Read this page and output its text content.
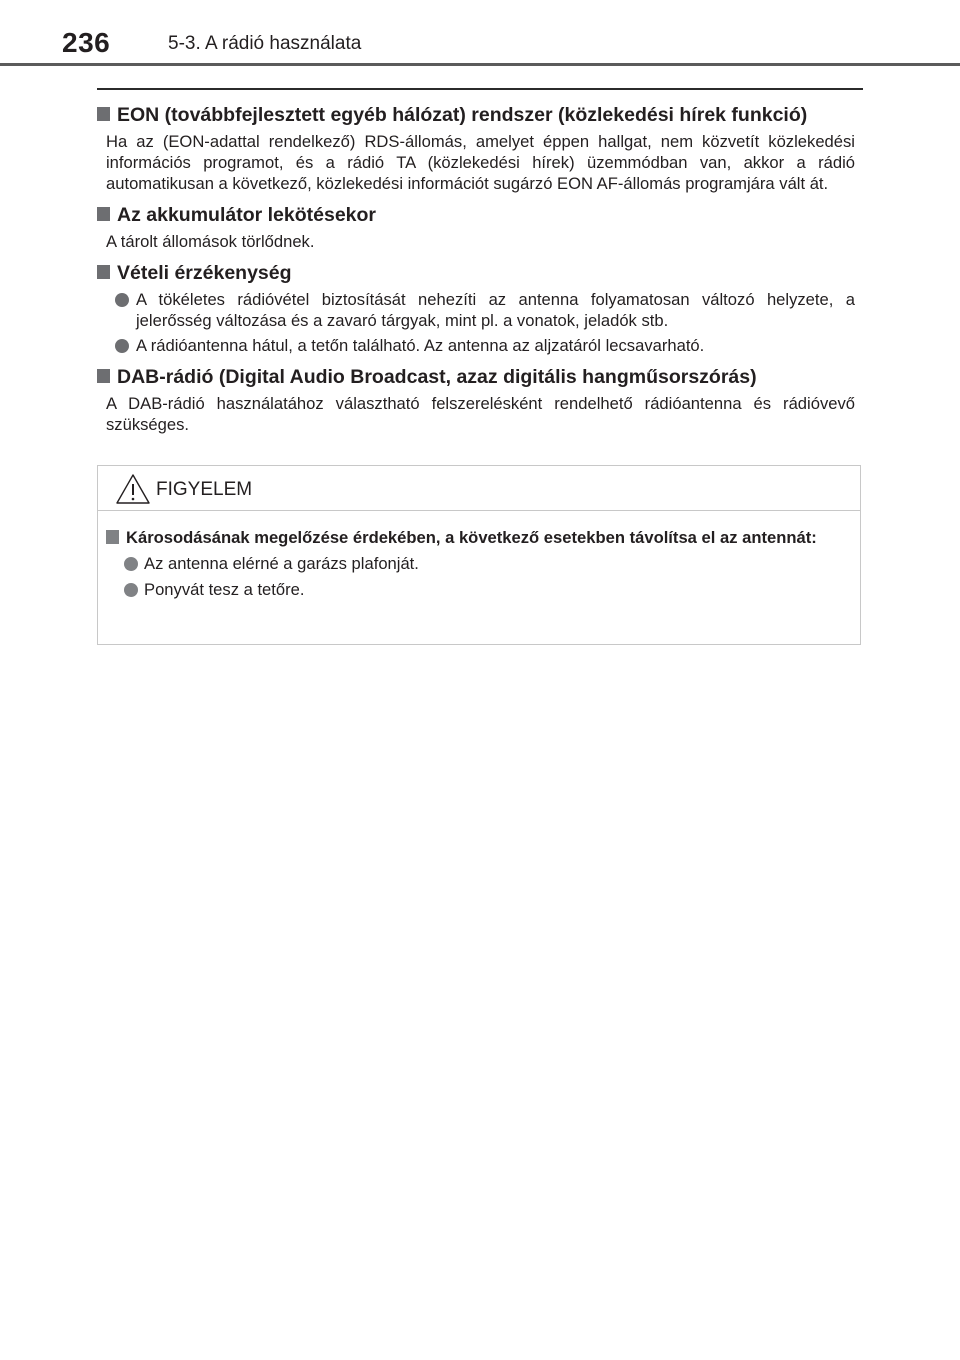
236	5-3. A rádió használata
EON (továbbfejlesztett egyéb hálózat) rendszer (közlekedési hírek funkció)
Ha az (EON-adattal rendelkező) RDS-állomás, amelyet éppen hallgat, nem közvetít közlekedési információs programot, és a rádió TA (közlekedési hírek) üzemmódban van, akkor a rádió automatikusan a következő, közlekedési információt sugárzó EON AF-állomás programjára vált át.
Az akkumulátor lekötésekor
A tárolt állomások törlődnek.
Vételi érzékenység
A tökéletes rádióvétel biztosítását nehezíti az antenna folyamatosan változó helyzete, a jelerősség változása és a zavaró tárgyak, mint pl. a vonatok, jeladók stb.
A rádióantenna hátul, a tetőn található. Az antenna az aljzatáról lecsavarható.
DAB-rádió (Digital Audio Broadcast, azaz digitális hangműsorszórás)
A DAB-rádió használatához választható felszerelésként rendelhető rádióantenna és rádióvevő szükséges.
FIGYELEM
Károsodásának megelőzése érdekében, a következő esetekben távolítsa el az antennát:
Az antenna elérné a garázs plafonját.
Ponyvát tesz a tetőre.
